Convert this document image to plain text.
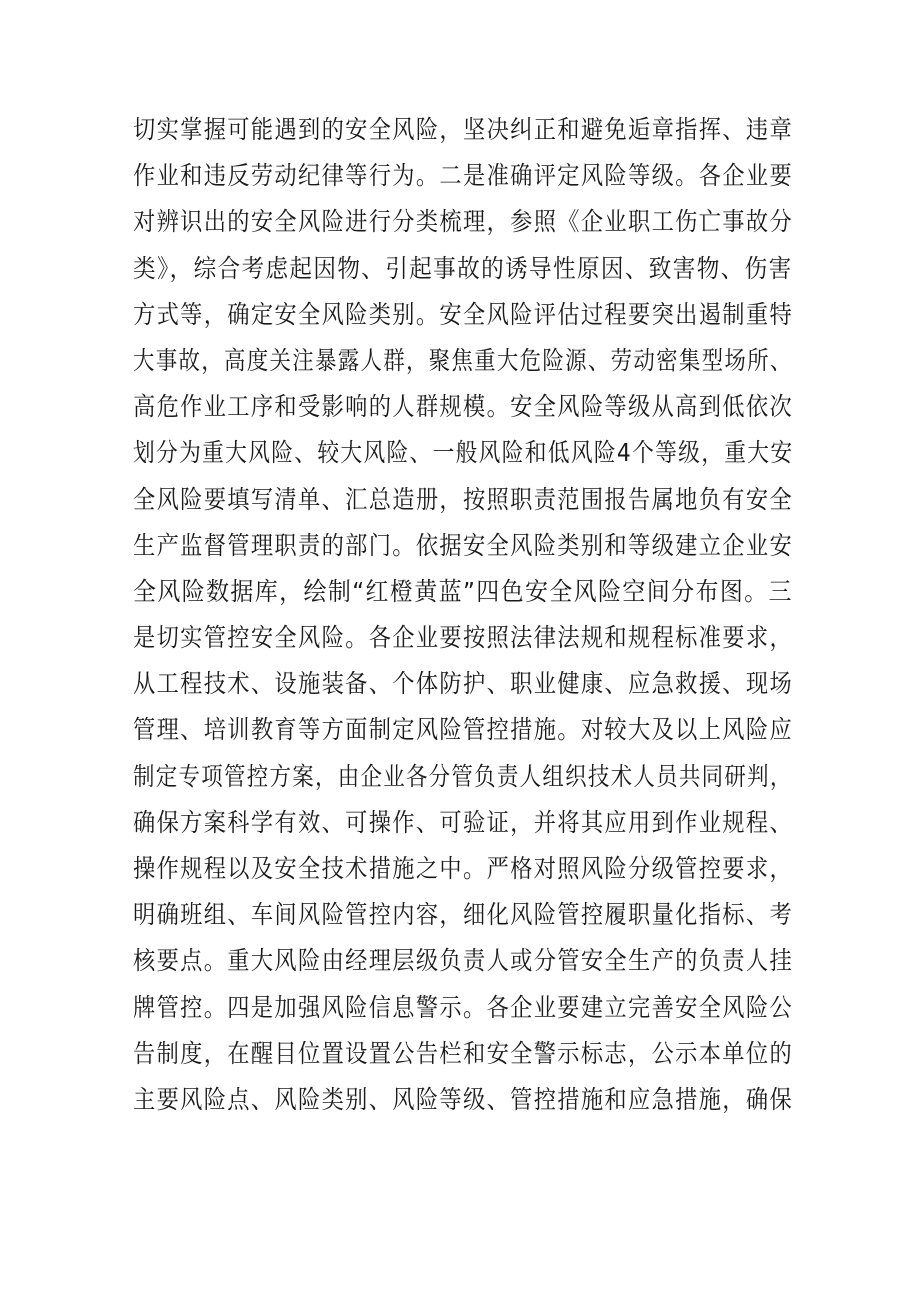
切实掌握可能遇到的安全风险，坚决纠正和避免逅章指挥、违章
作业和违反劳动纪律等行为。二是准确评定风险等级。各企业要
对辨识出的安全风险进行分类梳理，参照《企业职工伤亡事故分
类》，综合考虑起因物、引起事故的诱导性原因、致害物、伤害
方式等，确定安全风险类别。安全风险评估过程要突出遏制重特
大事故，高度关注暴露人群，聚焦重大危险源、劳动密集型场所、
高危作业工序和受影响的人群规模。安全风险等级从高到低依次
划分为重大风险、较大风险、一般风险和低风险4个等级，重大安
全风险要填写清单、汇总造册，按照职责范围报告属地负有安全
生产监督管理职责的部门。依据安全风险类别和等级建立企业安
全风险数据库，绘制“红橙黄蓝”四色安全风险空间分布图。三
是切实管控安全风险。各企业要按照法律法规和规程标准要求，
从工程技术、设施装备、个体防护、职业健康、应急救援、现场
管理、培训教育等方面制定风险管控措施。对较大及以上风险应
制定专项管控方案，由企业各分管负责人组织技术人员共同研判，
确保方案科学有效、可操作、可验证，并将其应用到作业规程、
操作规程以及安全技术措施之中。严格对照风险分级管控要求，
明确班组、车间风险管控内容，细化风险管控履职量化指标、考
核要点。重大风险由经理层级负责人或分管安全生产的负责人挂
牌管控。四是加强风险信息警示。各企业要建立完善安全风险公
告制度，在醒目位置设置公告栏和安全警示标志，公示本单位的
主要风险点、风险类别、风险等级、管控措施和应急措施，确保
